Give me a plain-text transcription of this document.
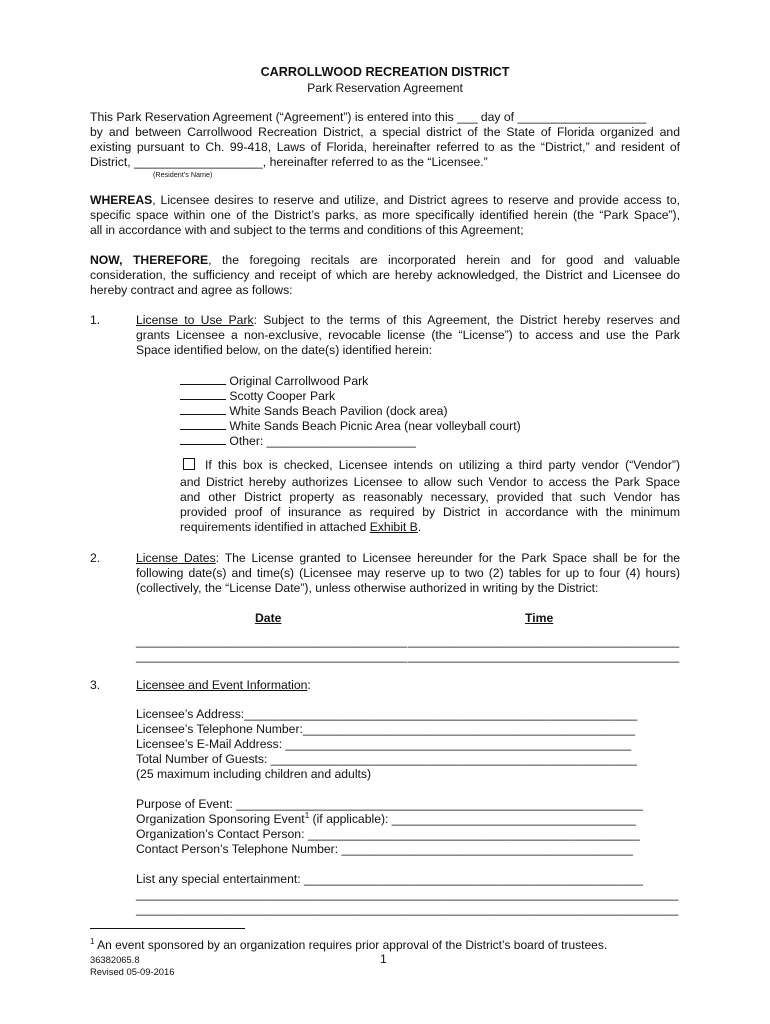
CARROLLWOOD RECREATION DISTRICT
Park Reservation Agreement
This Park Reservation Agreement (“Agreement”) is entered into this ___ day of ___________________
by and between Carrollwood Recreation District, a special district of the State of Florida organized and
existing pursuant to Ch. 99-418, Laws of Florida, hereinafter referred to as the “District,” and resident of
District, ___________________, hereinafter referred to as the “Licensee.”
(Resident’s Name)
WHEREAS, Licensee desires to reserve and utilize, and District agrees to reserve and provide access to,
specific space within one of the District’s parks, as more specifically identified herein (the “Park Space”),
all in accordance with and subject to the terms and conditions of this Agreement;
NOW, THEREFORE, the foregoing recitals are incorporated herein and for good and valuable
consideration, the sufficiency and receipt of which are hereby acknowledged, the District and Licensee do
hereby contract and agree as follows:
1.	License to Use Park: Subject to the terms of this Agreement, the District hereby reserves and
grants Licensee a non-exclusive, revocable license (the “License”) to access and use the Park
Space identified below, on the date(s) identified herein:
Original Carrollwood Park
Scotty Cooper Park
White Sands Beach Pavilion (dock area)
White Sands Beach Picnic Area (near volleyball court)
Other: ______________________
If this box is checked, Licensee intends on utilizing a third party vendor (“Vendor”)
and District hereby authorizes Licensee to allow such Vendor to access the Park Space
and other District property as reasonably necessary, provided that such Vendor has
provided proof of insurance as required by District in accordance with the minimum
requirements identified in attached Exhibit B.
2.	License Dates: The License granted to Licensee hereunder for the Park Space shall be for the
following date(s) and time(s) (Licensee may reserve up to two (2) tables for up to four (4) hours)
(collectively, the “License Date”), unless otherwise authorized in writing by the District:
Date	Time
________________________________________ ________________________________________
________________________________________ ________________________________________
3.	Licensee and Event Information:
Licensee’s Address:__________________________________________________________
Licensee’s Telephone Number:_________________________________________________
Licensee’s E-Mail Address: ___________________________________________________
Total Number of Guests: ______________________________________________________
(25 maximum including children and adults)
Purpose of Event: ____________________________________________________________
Organization Sponsoring Event$^1$ (if applicable): ____________________________________
Organization’s Contact Person: _________________________________________________
Contact Person’s Telephone Number: ___________________________________________
List any special entertainment: __________________________________________________
________________________________________________________________________________
________________________________________________________________________________
$^1$ An event sponsored by an organization requires prior approval of the District’s board of trustees.
36382065.8	1
Revised 05-09-2016
